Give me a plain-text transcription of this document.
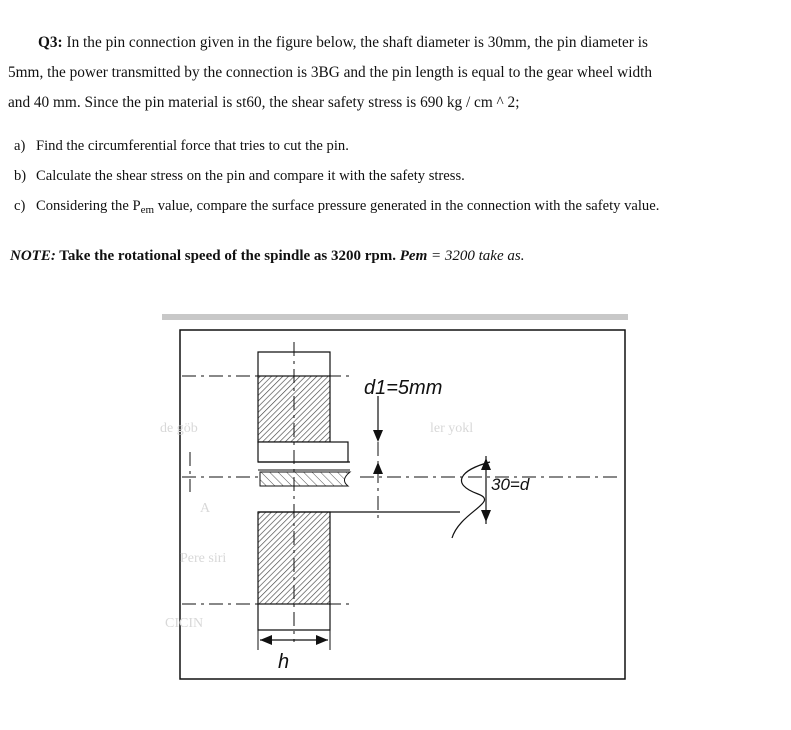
Q3: In the pin connection given in the figure below, the shaft diameter is 30mm, the pin diameter is
5mm, the power transmitted by the connection is 3BG and the pin length is equal to the gear wheel width
and 40 mm. Since the pin material is st60, the shear safety stress is 690 kg / cm ^ 2;
a) Find the circumferential force that tries to cut the pin.
b) Calculate the shear stress on the pin and compare it with the safety stress.
c) Considering the $P_{em}$ value, compare the surface pressure generated in the connection with the safety value.
NOTE: Take the rotational speed of the spindle as 3200 rpm. Pem = 3200 take as.
de göb
A
Pere siri
CICIN
ler yokl
d1=5mm
30=d
h
